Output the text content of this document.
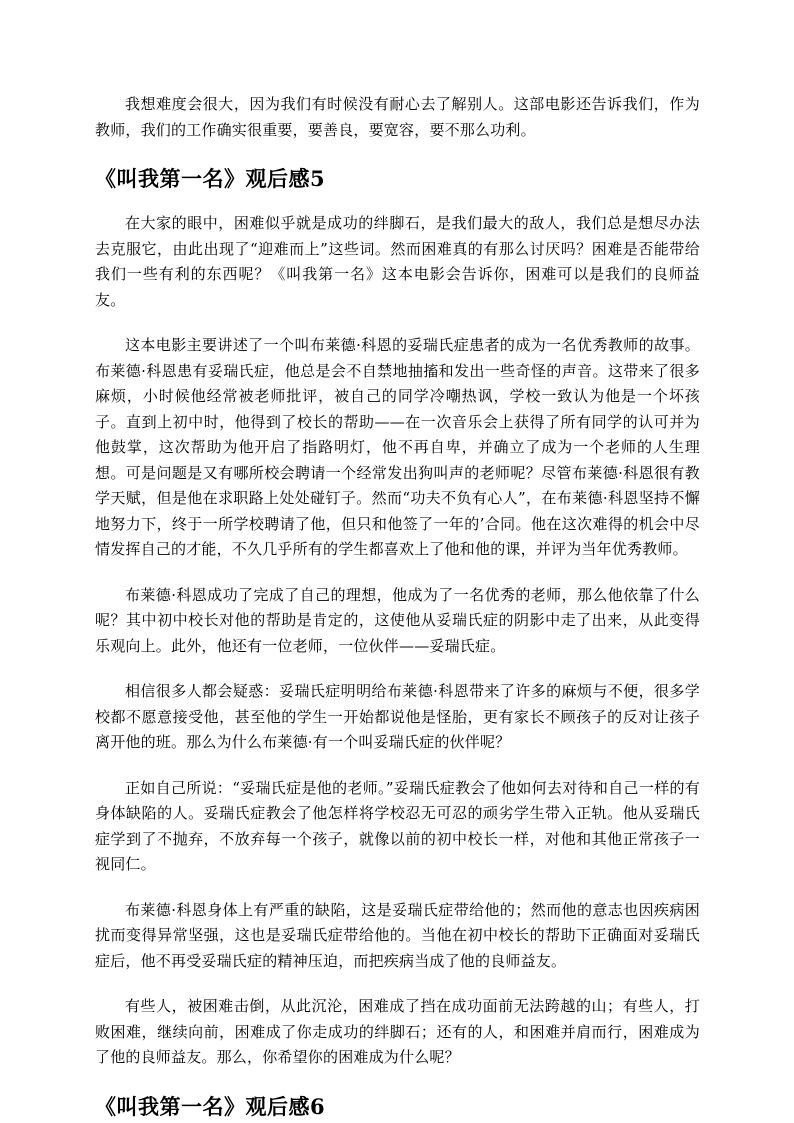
我想难度会很大，因为我们有时候没有耐心去了解别人。这部电影还告诉我们，作为教师，我们的工作确实很重要，要善良，要宽容，要不那么功利。

《叫我第一名》观后感5

在大家的眼中，困难似乎就是成功的绊脚石，是我们最大的敌人，我们总是想尽办法去克服它，由此出现了“迎难而上”这些词。然而困难真的有那么讨厌吗？困难是否能带给我们一些有利的东西呢？《叫我第一名》这本电影会告诉你，困难可以是我们的良师益友。

这本电影主要讲述了一个叫布莱德·科恩的妥瑞氏症患者的成为一名优秀教师的故事。布莱德·科恩患有妥瑞氏症，他总是会不自禁地抽搐和发出一些奇怪的声音。这带来了很多麻烦，小时候他经常被老师批评，被自己的同学冷嘲热讽，学校一致认为他是一个坏孩子。直到上初中时，他得到了校长的帮助——在一次音乐会上获得了所有同学的认可并为他鼓掌，这次帮助为他开启了指路明灯，他不再自卑，并确立了成为一个老师的人生理想。可是问题是又有哪所校会聘请一个经常发出狗叫声的老师呢？尽管布莱德·科恩很有教学天赋，但是他在求职路上处处碰钉子。然而“功夫不负有心人”，在布莱德·科恩坚持不懈地努力下，终于一所学校聘请了他，但只和他签了一年的’合同。他在这次难得的机会中尽情发挥自己的才能，不久几乎所有的学生都喜欢上了他和他的课，并评为当年优秀教师。

布莱德·科恩成功了完成了自己的理想，他成为了一名优秀的老师，那么他依靠了什么呢？其中初中校长对他的帮助是肯定的，这使他从妥瑞氏症的阴影中走了出来，从此变得乐观向上。此外，他还有一位老师，一位伙伴——妥瑞氏症。

相信很多人都会疑惑：妥瑞氏症明明给布莱德·科恩带来了许多的麻烦与不便，很多学校都不愿意接受他，甚至他的学生一开始都说他是怪胎，更有家长不顾孩子的反对让孩子离开他的班。那么为什么布莱德·有一个叫妥瑞氏症的伙伴呢？

正如自己所说：“妥瑞氏症是他的老师。”妥瑞氏症教会了他如何去对待和自己一样的有身体缺陷的人。妥瑞氏症教会了他怎样将学校忍无可忍的顽劣学生带入正轨。他从妥瑞氏症学到了不抛弃，不放弃每一个孩子，就像以前的初中校长一样，对他和其他正常孩子一视同仁。

布莱德·科恩身体上有严重的缺陷，这是妥瑞氏症带给他的；然而他的意志也因疾病困扰而变得异常坚强，这也是妥瑞氏症带给他的。当他在初中校长的帮助下正确面对妥瑞氏症后，他不再受妥瑞氏症的精神压迫，而把疾病当成了他的良师益友。

有些人，被困难击倒，从此沉沦，困难成了挡在成功面前无法跨越的山；有些人，打败困难，继续向前，困难成了你走成功的绊脚石；还有的人，和困难并肩而行，困难成为了他的良师益友。那么，你希望你的困难成为什么呢？

《叫我第一名》观后感6
